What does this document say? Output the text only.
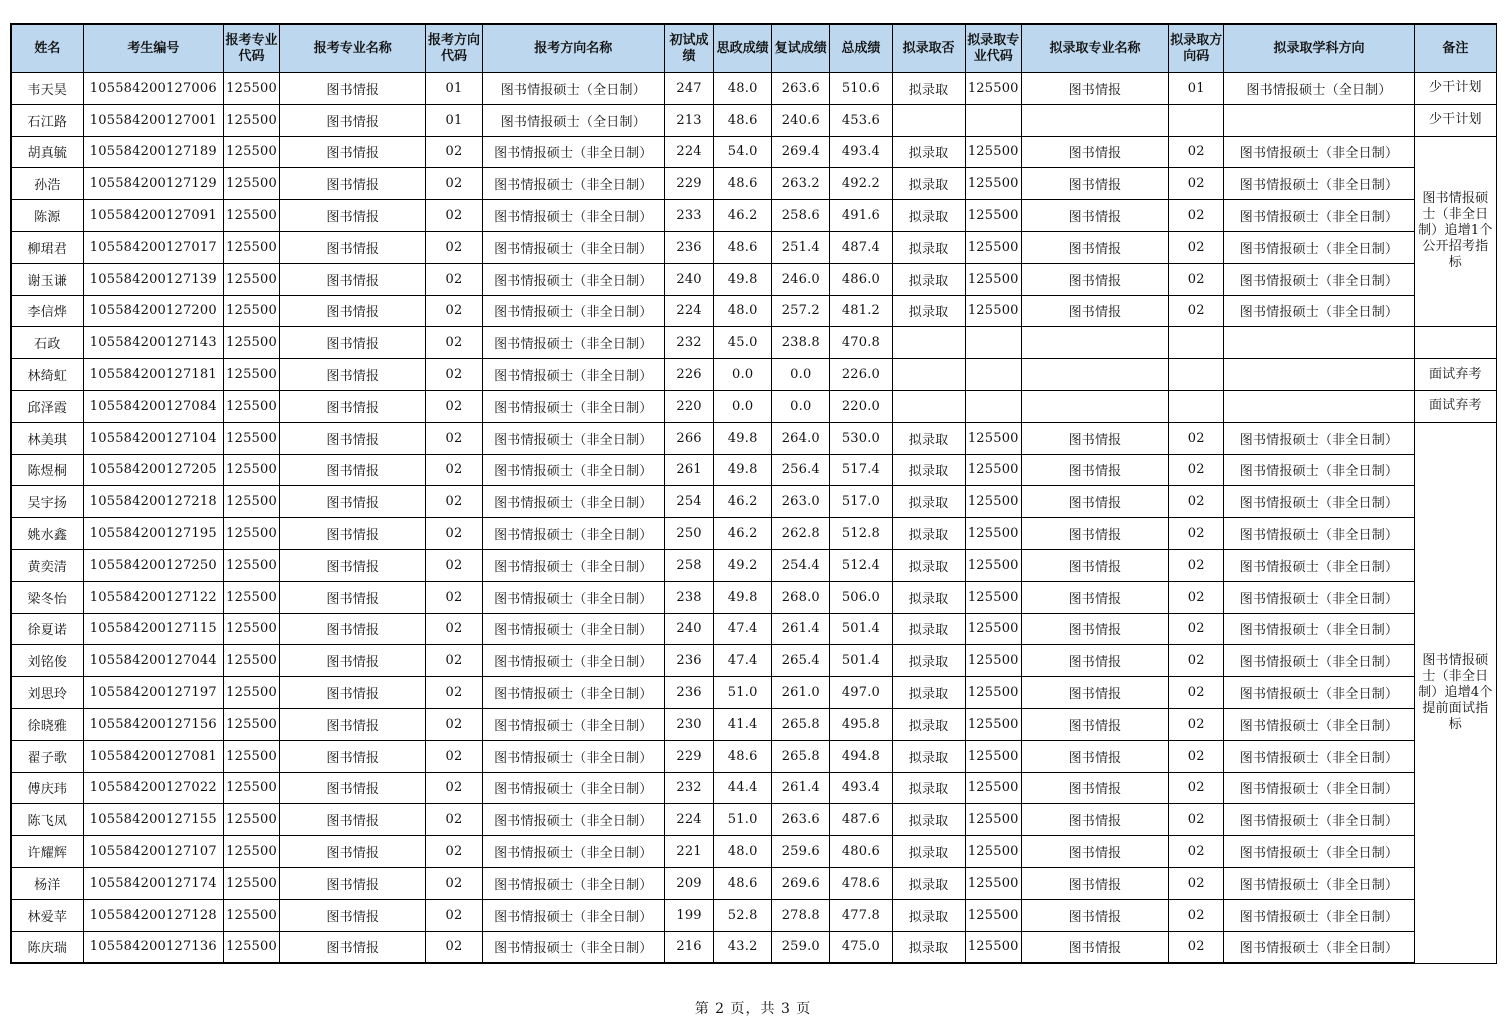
姓名	考生编号	报考专业代码	报考专业名称	报考方向代码	报考方向名称	初试成绩	思政成绩	复试成绩	总成绩	拟录取否	拟录取专业代码	拟录取专业名称	拟录取方向码	拟录取学科方向	备注
韦天昊	105584200127006	125500	图书情报	01	图书情报硕士（全日制）	247	48.0	263.6	510.6	拟录取	125500	图书情报	01	图书情报硕士（全日制）	少干计划
石江路	105584200127001	125500	图书情报	01	图书情报硕士（全日制）	213	48.6	240.6	453.6						少干计划
胡真毓	105584200127189	125500	图书情报	02	图书情报硕士（非全日制）	224	54.0	269.4	493.4	拟录取	125500	图书情报	02	图书情报硕士（非全日制）	图书情报硕士（非全日制）追增1个公开招考指标
孙浩	105584200127129	125500	图书情报	02	图书情报硕士（非全日制）	229	48.6	263.2	492.2	拟录取	125500	图书情报	02	图书情报硕士（非全日制）	
陈源	105584200127091	125500	图书情报	02	图书情报硕士（非全日制）	233	46.2	258.6	491.6	拟录取	125500	图书情报	02	图书情报硕士（非全日制）	
柳珺君	105584200127017	125500	图书情报	02	图书情报硕士（非全日制）	236	48.6	251.4	487.4	拟录取	125500	图书情报	02	图书情报硕士（非全日制）	
谢玉谦	105584200127139	125500	图书情报	02	图书情报硕士（非全日制）	240	49.8	246.0	486.0	拟录取	125500	图书情报	02	图书情报硕士（非全日制）	
李信烨	105584200127200	125500	图书情报	02	图书情报硕士（非全日制）	224	48.0	257.2	481.2	拟录取	125500	图书情报	02	图书情报硕士（非全日制）	
石政	105584200127143	125500	图书情报	02	图书情报硕士（非全日制）	232	45.0	238.8	470.8						
林绮虹	105584200127181	125500	图书情报	02	图书情报硕士（非全日制）	226	0.0	0.0	226.0						面试弃考
邱泽霞	105584200127084	125500	图书情报	02	图书情报硕士（非全日制）	220	0.0	0.0	220.0						面试弃考
林美琪	105584200127104	125500	图书情报	02	图书情报硕士（非全日制）	266	49.8	264.0	530.0	拟录取	125500	图书情报	02	图书情报硕士（非全日制）	图书情报硕士（非全日制）追增4个提前面试指标
陈煜桐	105584200127205	125500	图书情报	02	图书情报硕士（非全日制）	261	49.8	256.4	517.4	拟录取	125500	图书情报	02	图书情报硕士（非全日制）	
吴宇扬	105584200127218	125500	图书情报	02	图书情报硕士（非全日制）	254	46.2	263.0	517.0	拟录取	125500	图书情报	02	图书情报硕士（非全日制）	
姚水鑫	105584200127195	125500	图书情报	02	图书情报硕士（非全日制）	250	46.2	262.8	512.8	拟录取	125500	图书情报	02	图书情报硕士（非全日制）	
黄奕清	105584200127250	125500	图书情报	02	图书情报硕士（非全日制）	258	49.2	254.4	512.4	拟录取	125500	图书情报	02	图书情报硕士（非全日制）	
梁冬怡	105584200127122	125500	图书情报	02	图书情报硕士（非全日制）	238	49.8	268.0	506.0	拟录取	125500	图书情报	02	图书情报硕士（非全日制）	
徐夏诺	105584200127115	125500	图书情报	02	图书情报硕士（非全日制）	240	47.4	261.4	501.4	拟录取	125500	图书情报	02	图书情报硕士（非全日制）	
刘铭俊	105584200127044	125500	图书情报	02	图书情报硕士（非全日制）	236	47.4	265.4	501.4	拟录取	125500	图书情报	02	图书情报硕士（非全日制）	
刘思玲	105584200127197	125500	图书情报	02	图书情报硕士（非全日制）	236	51.0	261.0	497.0	拟录取	125500	图书情报	02	图书情报硕士（非全日制）	
徐晓雅	105584200127156	125500	图书情报	02	图书情报硕士（非全日制）	230	41.4	265.8	495.8	拟录取	125500	图书情报	02	图书情报硕士（非全日制）	
翟子歌	105584200127081	125500	图书情报	02	图书情报硕士（非全日制）	229	48.6	265.8	494.8	拟录取	125500	图书情报	02	图书情报硕士（非全日制）	
傅庆玮	105584200127022	125500	图书情报	02	图书情报硕士（非全日制）	232	44.4	261.4	493.4	拟录取	125500	图书情报	02	图书情报硕士（非全日制）	
陈飞凤	105584200127155	125500	图书情报	02	图书情报硕士（非全日制）	224	51.0	263.6	487.6	拟录取	125500	图书情报	02	图书情报硕士（非全日制）	
许耀辉	105584200127107	125500	图书情报	02	图书情报硕士（非全日制）	221	48.0	259.6	480.6	拟录取	125500	图书情报	02	图书情报硕士（非全日制）	
杨洋	105584200127174	125500	图书情报	02	图书情报硕士（非全日制）	209	48.6	269.6	478.6	拟录取	125500	图书情报	02	图书情报硕士（非全日制）	
林爱苹	105584200127128	125500	图书情报	02	图书情报硕士（非全日制）	199	52.8	278.8	477.8	拟录取	125500	图书情报	02	图书情报硕士（非全日制）	
陈庆瑞	105584200127136	125500	图书情报	02	图书情报硕士（非全日制）	216	43.2	259.0	475.0	拟录取	125500	图书情报	02	图书情报硕士（非全日制）	
第 2 页，共 3 页
